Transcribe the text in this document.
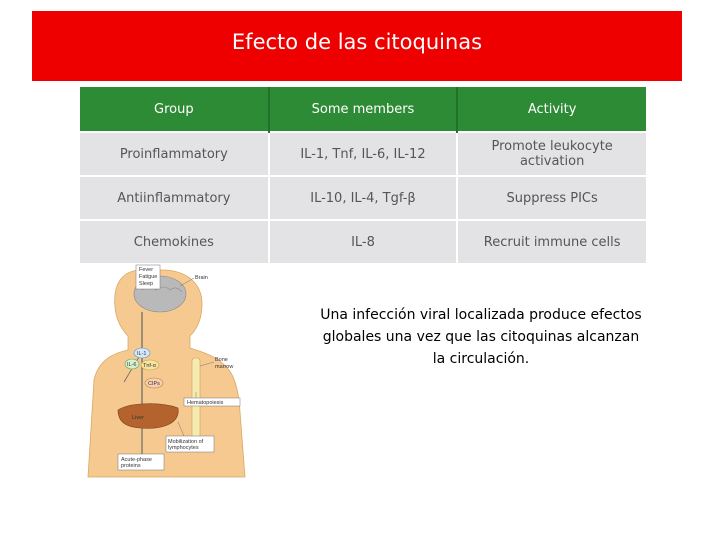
Efecto de las citoquinas
Group	Some members	Activity
Proinflammatory	IL-1, Tnf, IL-6, IL-12	Promote leukocyte activation
Antiinflammatory	IL-10, IL-4, Tgf-β	Suppress PICs
Chemokines	IL-8	Recruit immune cells
Fever
Fatigue
Sleep
Brain
IL-1
IL-6 Tnf-α
CIPs
Bone
marrow
Hematopoiesis
Liver
Mobilization of
lymphocytes
Acute-phase
proteins
Una infección viral localizada produce efectos globales una vez que las citoquinas alcanzan la circulación.
